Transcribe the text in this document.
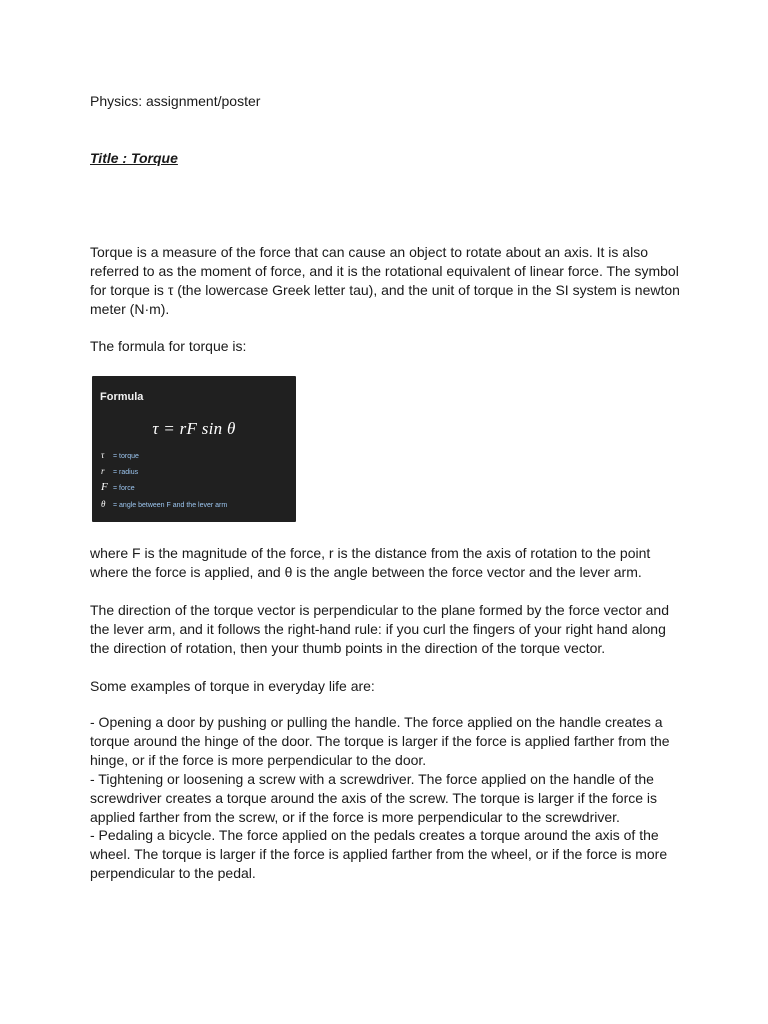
Physics: assignment/poster

Title : Torque

Torque is a measure of the force that can cause an object to rotate about an axis. It is also referred to as the moment of force, and it is the rotational equivalent of linear force. The symbol for torque is τ (the lowercase Greek letter tau), and the unit of torque in the SI system is newton meter (N·m).

The formula for torque is:

Formula
τ = rF sin θ
τ = torque
r = radius
F = force
θ = angle between F and the lever arm

where F is the magnitude of the force, r is the distance from the axis of rotation to the point where the force is applied, and θ is the angle between the force vector and the lever arm.

The direction of the torque vector is perpendicular to the plane formed by the force vector and the lever arm, and it follows the right-hand rule: if you curl the fingers of your right hand along the direction of rotation, then your thumb points in the direction of the torque vector.

Some examples of torque in everyday life are:

- Opening a door by pushing or pulling the handle. The force applied on the handle creates a torque around the hinge of the door. The torque is larger if the force is applied farther from the hinge, or if the force is more perpendicular to the door.

- Tightening or loosening a screw with a screwdriver. The force applied on the handle of the screwdriver creates a torque around the axis of the screw. The torque is larger if the force is applied farther from the screw, or if the force is more perpendicular to the screwdriver.

- Pedaling a bicycle. The force applied on the pedals creates a torque around the axis of the wheel. The torque is larger if the force is applied farther from the wheel, or if the force is more perpendicular to the pedal.
